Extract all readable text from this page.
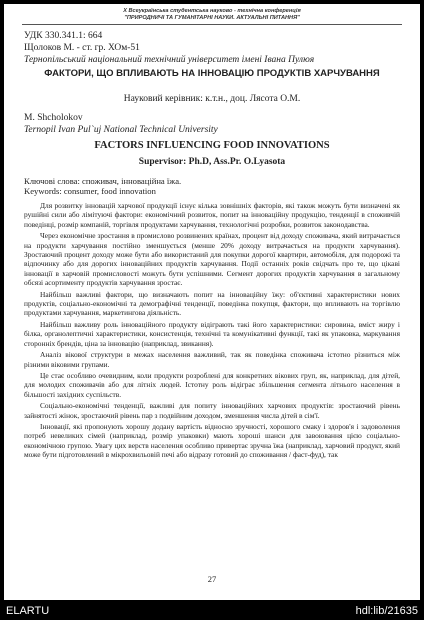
Х Всеукраїнська студентська науково - технічна конференція
"ПРИРОДНИЧІ ТА ГУМАНІТАРНІ НАУКИ. АКТУАЛЬНІ ПИТАННЯ"
УДК 330.341.1: 664
Щолоков М. - ст. гр. ХОм-51
Тернопільський національний технічний університет імені Івана Пулюя
ФАКТОРИ, ЩО ВПЛИВАЮТЬ НА ІННОВАЦІЮ ПРОДУКТІВ ХАРЧУВАННЯ
Науковий керівник: к.т.н., доц. Лясота О.М.
M. Shcholokov
Ternopil Ivan Pul`uj National Technical University
FACTORS INFLUENCING FOOD INNOVATIONS
Supervisor: Ph.D, Ass.Pr. O.Lyasota
Ключові слова: споживач, інноваційна їжа.
Keywords: consumer, food innovation

Для розвитку інновацій харчової продукції існує кілька зовнішніх факторів, які також можуть бути визначені як рушійні сили або лімітуючі фактори: економічний розвиток, попит на інноваційну продукцію, тенденції в споживчій поведінці, розмір компаній, торгівля продуктами харчування, технологічні розробки, розвиток законодавства.

Через економічне зростання в промислово розвинених країнах, процент від доходу споживача, який витрачається на продукти харчування постійно зменшується (менше 20% доходу витрачається на продукти харчування). Зростаючий процент доходу може бути або використаний для покупки дорогої квартири, автомобіля, для подорожі та відпочинку або для дорогих інноваційних продуктів харчування. Події останніх років свідчать про те, що цікаві інновації в харчовій промисловості можуть бути успішними. Сегмент дорогих продуктів харчування в загальному обсязі асортименту продуктів харчування зростає.

Найбільш важливі фактори, що визначають попит на інноваційну їжу: об'єктивні характеристики нових продуктів, соціально-економічні та демографічні тенденції, поведінка покупця, фактори, що впливають на торгівлю продуктами харчування, маркетингова діяльність.

Найбільш важливу роль інноваційного продукту відіграють такі його характеристики: сировина, вміст жиру і білка, органолептичні характеристики, консистенція, технічні та комунікативні функції, такі як упаковка, маркування сторонніх брендів, ціна за інновацію (наприклад, звикання).

Аналіз вікової структури в межах населення важливий, так як поведінка споживача істотно різниться між різними віковими групами.

Це стає особливо очевидним, коли продукти розроблені для конкретних вікових груп, як, наприклад, для дітей, для молодих споживачів або для літніх людей. Істотну роль відіграє збільшення сегмента літнього населення в більшості західних суспільств.

Соціально-економічні тенденції, важливі для попиту інноваційних харчових продуктів: зростаючий рівень зайнятості жінок, зростаючий рівень пар з подвійним доходом, зменшення числа дітей в сім'ї.

Інновації, які пропонують хорошу додану вартість відносно зручності, хорошого смаку і здоров'я і задоволення потреб невеликих сімей (наприклад, розмір упаковки) мають хороші шанси для завоювання цією соціально-економічною групою. Увагу цих верств населення особливо привертає зручна їжа (наприклад, харчовий продукт, який може бути підготовлений в мікрохвильовій печі або відразу готовий до споживання / фаст-фуд), так

27
ELARTU	hdl:lib/21635
